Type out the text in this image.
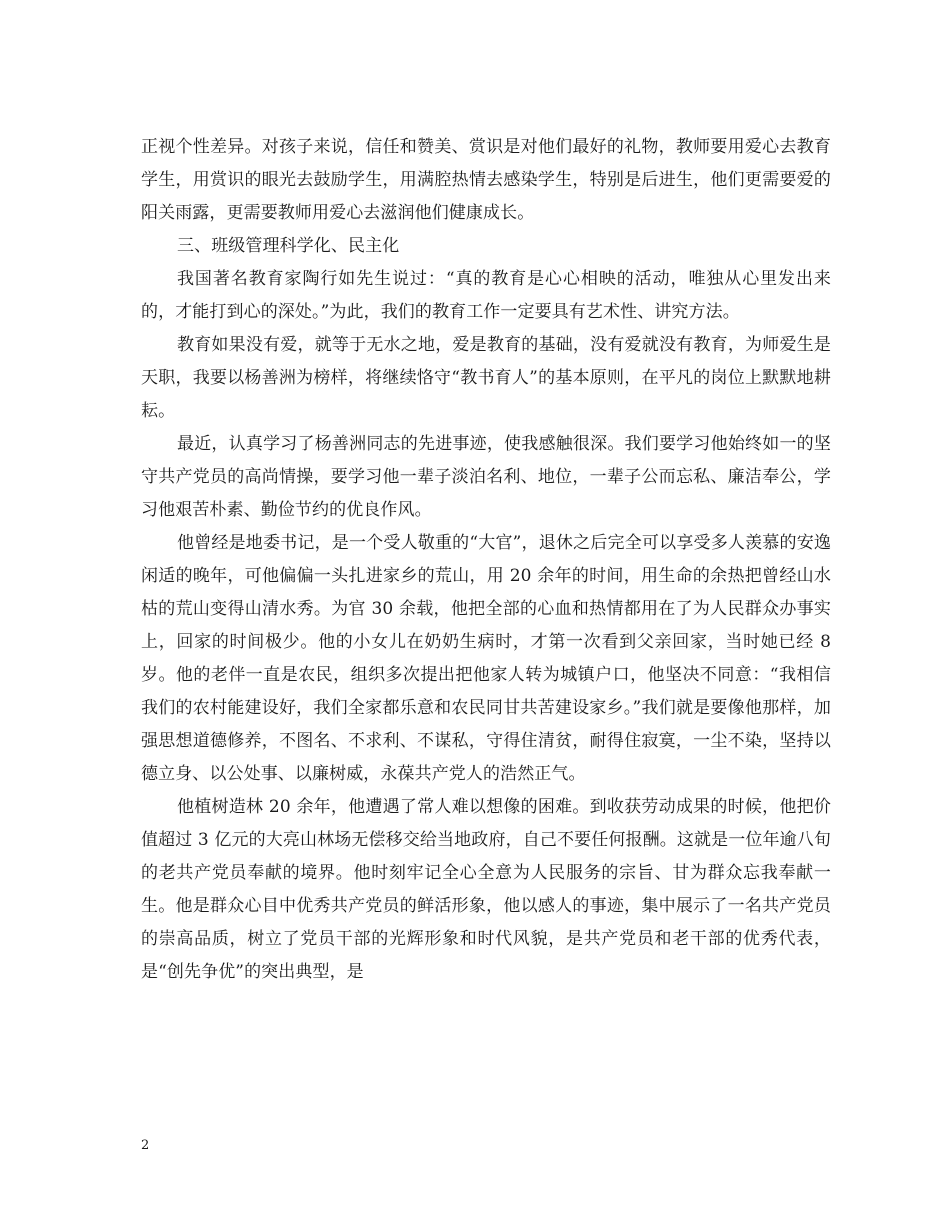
正视个性差异。对孩子来说，信任和赞美、赏识是对他们最好的礼物，教师要用爱心去教育学生，用赏识的眼光去鼓励学生，用满腔热情去感染学生，特别是后进生，他们更需要爱的阳关雨露，更需要教师用爱心去滋润他们健康成长。

三、班级管理科学化、民主化

我国著名教育家陶行如先生说过：“真的教育是心心相映的活动，唯独从心里发出来的，才能打到心的深处。”为此，我们的教育工作一定要具有艺术性、讲究方法。

教育如果没有爱，就等于无水之地，爱是教育的基础，没有爱就没有教育，为师爱生是天职，我要以杨善洲为榜样，将继续恪守“教书育人”的基本原则，在平凡的岗位上默默地耕耘。

最近，认真学习了杨善洲同志的先进事迹，使我感触很深。我们要学习他始终如一的坚守共产党员的高尚情操，要学习他一辈子淡泊名利、地位，一辈子公而忘私、廉洁奉公，学习他艰苦朴素、勤俭节约的优良作风。

他曾经是地委书记，是一个受人敬重的“大官”，退休之后完全可以享受多人羡慕的安逸闲适的晚年，可他偏偏一头扎进家乡的荒山，用 20 余年的时间，用生命的余热把曾经山水枯的荒山变得山清水秀。为官 30 余载，他把全部的心血和热情都用在了为人民群众办事实上，回家的时间极少。他的小女儿在奶奶生病时，才第一次看到父亲回家，当时她已经 8 岁。他的老伴一直是农民，组织多次提出把他家人转为城镇户口，他坚决不同意：“我相信我们的农村能建设好，我们全家都乐意和农民同甘共苦建设家乡。”我们就是要像他那样，加强思想道德修养，不图名、不求利、不谋私，守得住清贫，耐得住寂寞，一尘不染，坚持以德立身、以公处事、以廉树威，永葆共产党人的浩然正气。

他植树造林 20 余年，他遭遇了常人难以想像的困难。到收获劳动成果的时候，他把价值超过 3 亿元的大亮山林场无偿移交给当地政府，自己不要任何报酬。这就是一位年逾八旬的老共产党员奉献的境界。他时刻牢记全心全意为人民服务的宗旨、甘为群众忘我奉献一生。他是群众心目中优秀共产党员的鲜活形象，他以感人的事迹，集中展示了一名共产党员的崇高品质，树立了党员干部的光辉形象和时代风貌，是共产党员和老干部的优秀代表，是“创先争优”的突出典型，是

2
